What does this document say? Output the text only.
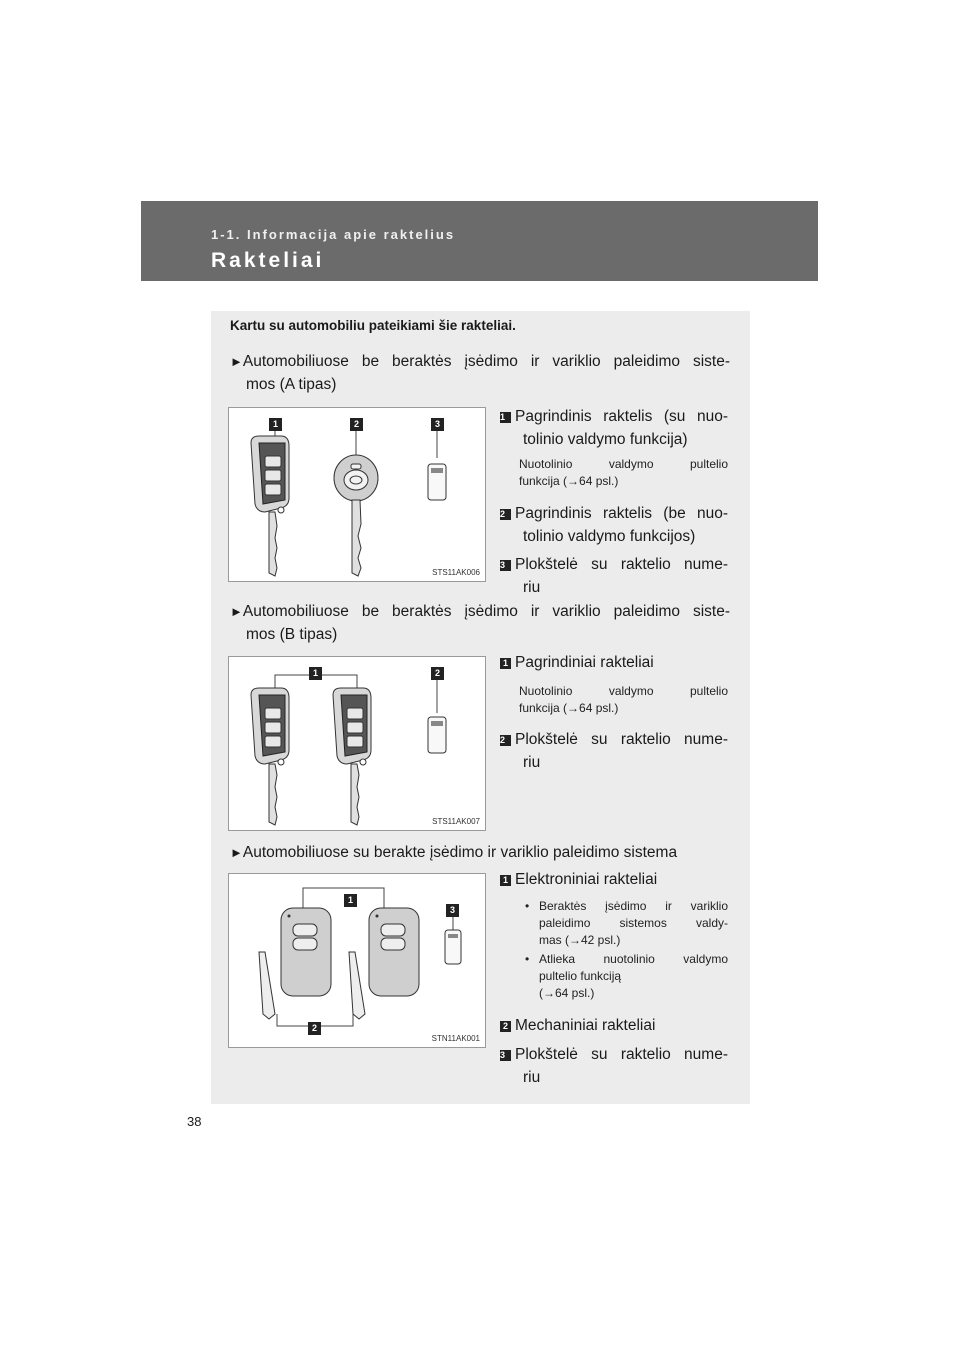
1-1. Informacija apie raktelius
Rakteliai
Kartu su automobiliu pateikiami šie rakteliai.
►Automobiliuose be beraktės įsėdimo ir variklio paleidimo siste-
mos (A tipas)
1	2	3
STS11AK006
1 Pagrindinis raktelis (su nuo-
tolinio valdymo funkcija)
Nuotolinio valdymo pultelio
funkcija (→64 psl.)
2 Pagrindinis raktelis (be nuo-
tolinio valdymo funkcijos)
3 Plokštelė su raktelio nume-
riu
►Automobiliuose be beraktės įsėdimo ir variklio paleidimo siste-
mos (B tipas)
1	2
STS11AK007
1 Pagrindiniai rakteliai
Nuotolinio valdymo pultelio
funkcija (→64 psl.)
2 Plokštelė su raktelio nume-
riu
►Automobiliuose su berakte įsėdimo ir variklio paleidimo sistema
1
2
3
STN11AK001
1 Elektroniniai rakteliai
• Beraktės įsėdimo ir variklio
paleidimo sistemos valdy-
mas (→42 psl.)
• Atlieka nuotolinio valdymo
pultelio funkciją
(→64 psl.)
2 Mechaniniai rakteliai
3 Plokštelė su raktelio nume-
riu
38
